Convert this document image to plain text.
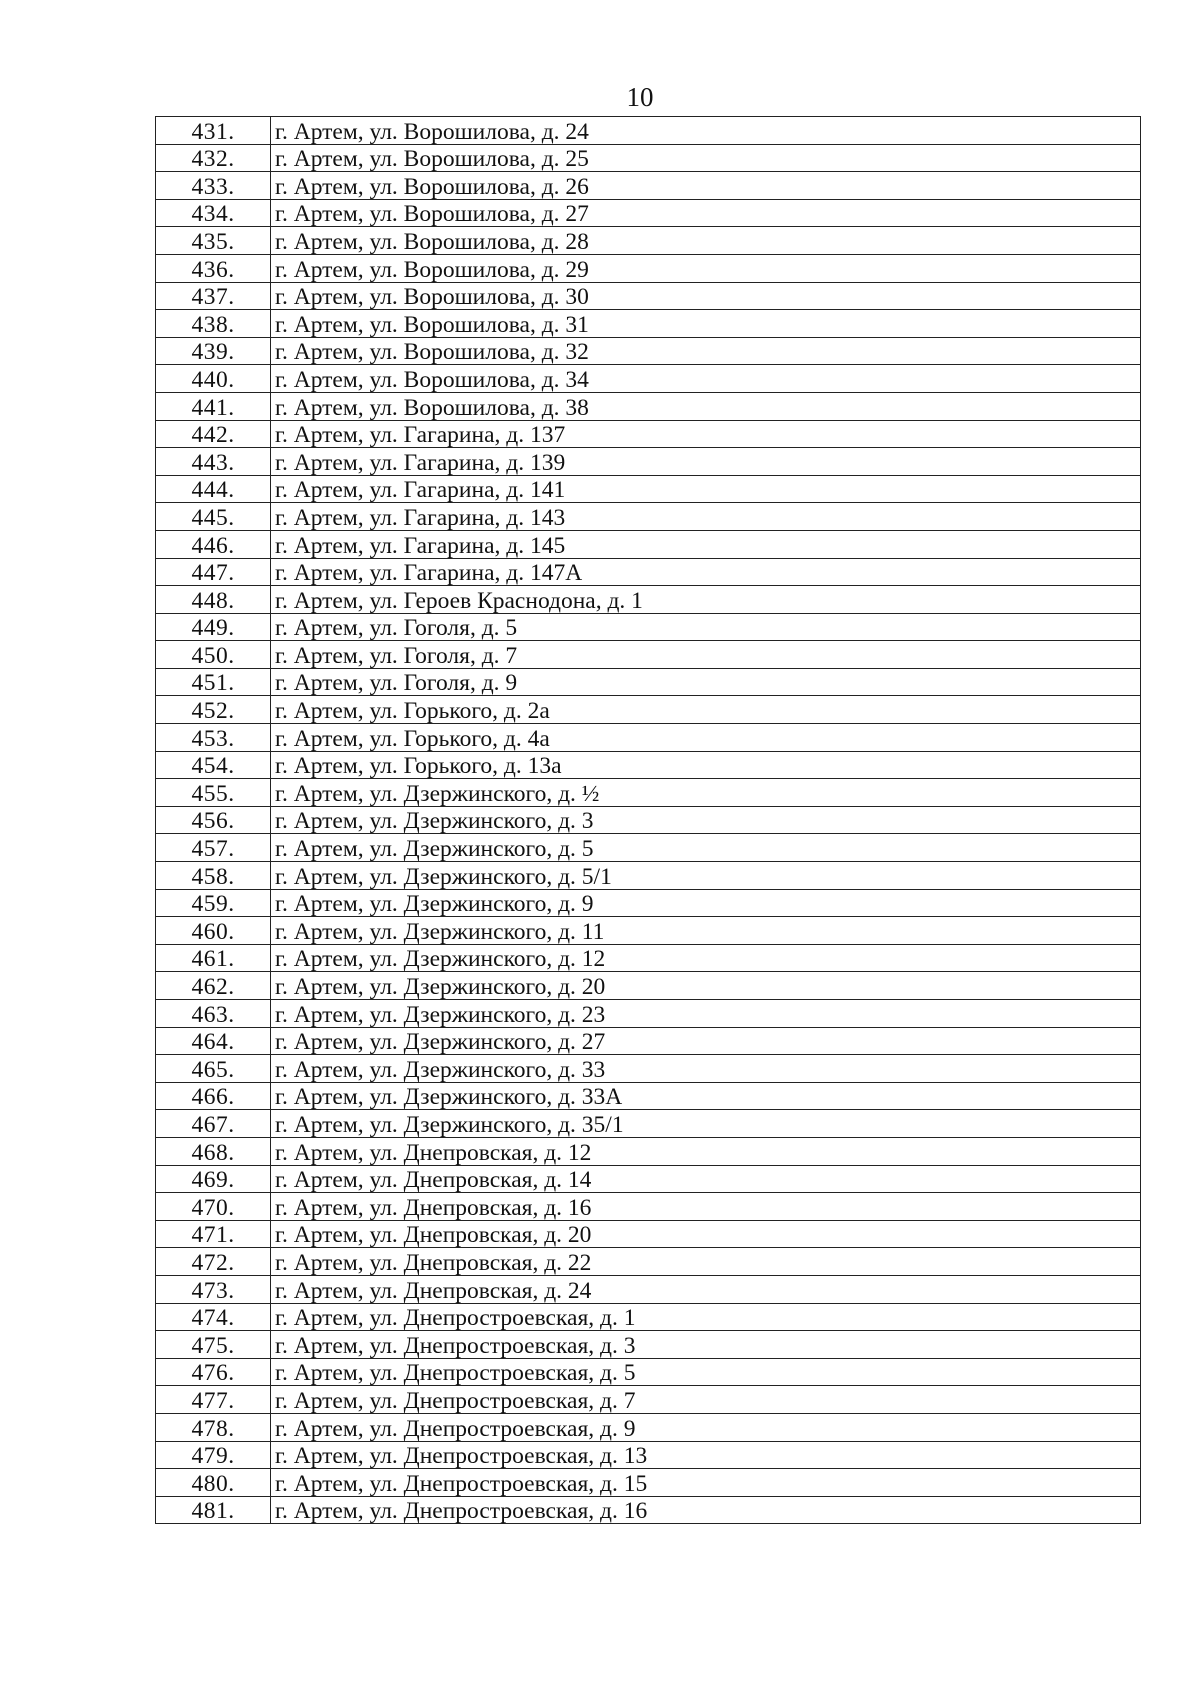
10
431.	г. Артем, ул. Ворошилова, д. 24
432.	г. Артем, ул. Ворошилова, д. 25
433.	г. Артем, ул. Ворошилова, д. 26
434.	г. Артем, ул. Ворошилова, д. 27
435.	г. Артем, ул. Ворошилова, д. 28
436.	г. Артем, ул. Ворошилова, д. 29
437.	г. Артем, ул. Ворошилова, д. 30
438.	г. Артем, ул. Ворошилова, д. 31
439.	г. Артем, ул. Ворошилова, д. 32
440.	г. Артем, ул. Ворошилова, д. 34
441.	г. Артем, ул. Ворошилова, д. 38
442.	г. Артем, ул. Гагарина, д. 137
443.	г. Артем, ул. Гагарина, д. 139
444.	г. Артем, ул. Гагарина, д. 141
445.	г. Артем, ул. Гагарина, д. 143
446.	г. Артем, ул. Гагарина, д. 145
447.	г. Артем, ул. Гагарина, д. 147А
448.	г. Артем, ул. Героев Краснодона, д. 1
449.	г. Артем, ул. Гоголя, д. 5
450.	г. Артем, ул. Гоголя, д. 7
451.	г. Артем, ул. Гоголя, д. 9
452.	г. Артем, ул. Горького, д. 2а
453.	г. Артем, ул. Горького, д. 4а
454.	г. Артем, ул. Горького, д. 13а
455.	г. Артем, ул. Дзержинского, д. ½
456.	г. Артем, ул. Дзержинского, д. 3
457.	г. Артем, ул. Дзержинского, д. 5
458.	г. Артем, ул. Дзержинского, д. 5/1
459.	г. Артем, ул. Дзержинского, д. 9
460.	г. Артем, ул. Дзержинского, д. 11
461.	г. Артем, ул. Дзержинского, д. 12
462.	г. Артем, ул. Дзержинского, д. 20
463.	г. Артем, ул. Дзержинского, д. 23
464.	г. Артем, ул. Дзержинского, д. 27
465.	г. Артем, ул. Дзержинского, д. 33
466.	г. Артем, ул. Дзержинского, д. 33А
467.	г. Артем, ул. Дзержинского, д. 35/1
468.	г. Артем, ул. Днепровская, д. 12
469.	г. Артем, ул. Днепровская, д. 14
470.	г. Артем, ул. Днепровская, д. 16
471.	г. Артем, ул. Днепровская, д. 20
472.	г. Артем, ул. Днепровская, д. 22
473.	г. Артем, ул. Днепровская, д. 24
474.	г. Артем, ул. Днепростроевская, д. 1
475.	г. Артем, ул. Днепростроевская, д. 3
476.	г. Артем, ул. Днепростроевская, д. 5
477.	г. Артем, ул. Днепростроевская, д. 7
478.	г. Артем, ул. Днепростроевская, д. 9
479.	г. Артем, ул. Днепростроевская, д. 13
480.	г. Артем, ул. Днепростроевская, д. 15
481.	г. Артем, ул. Днепростроевская, д. 16
